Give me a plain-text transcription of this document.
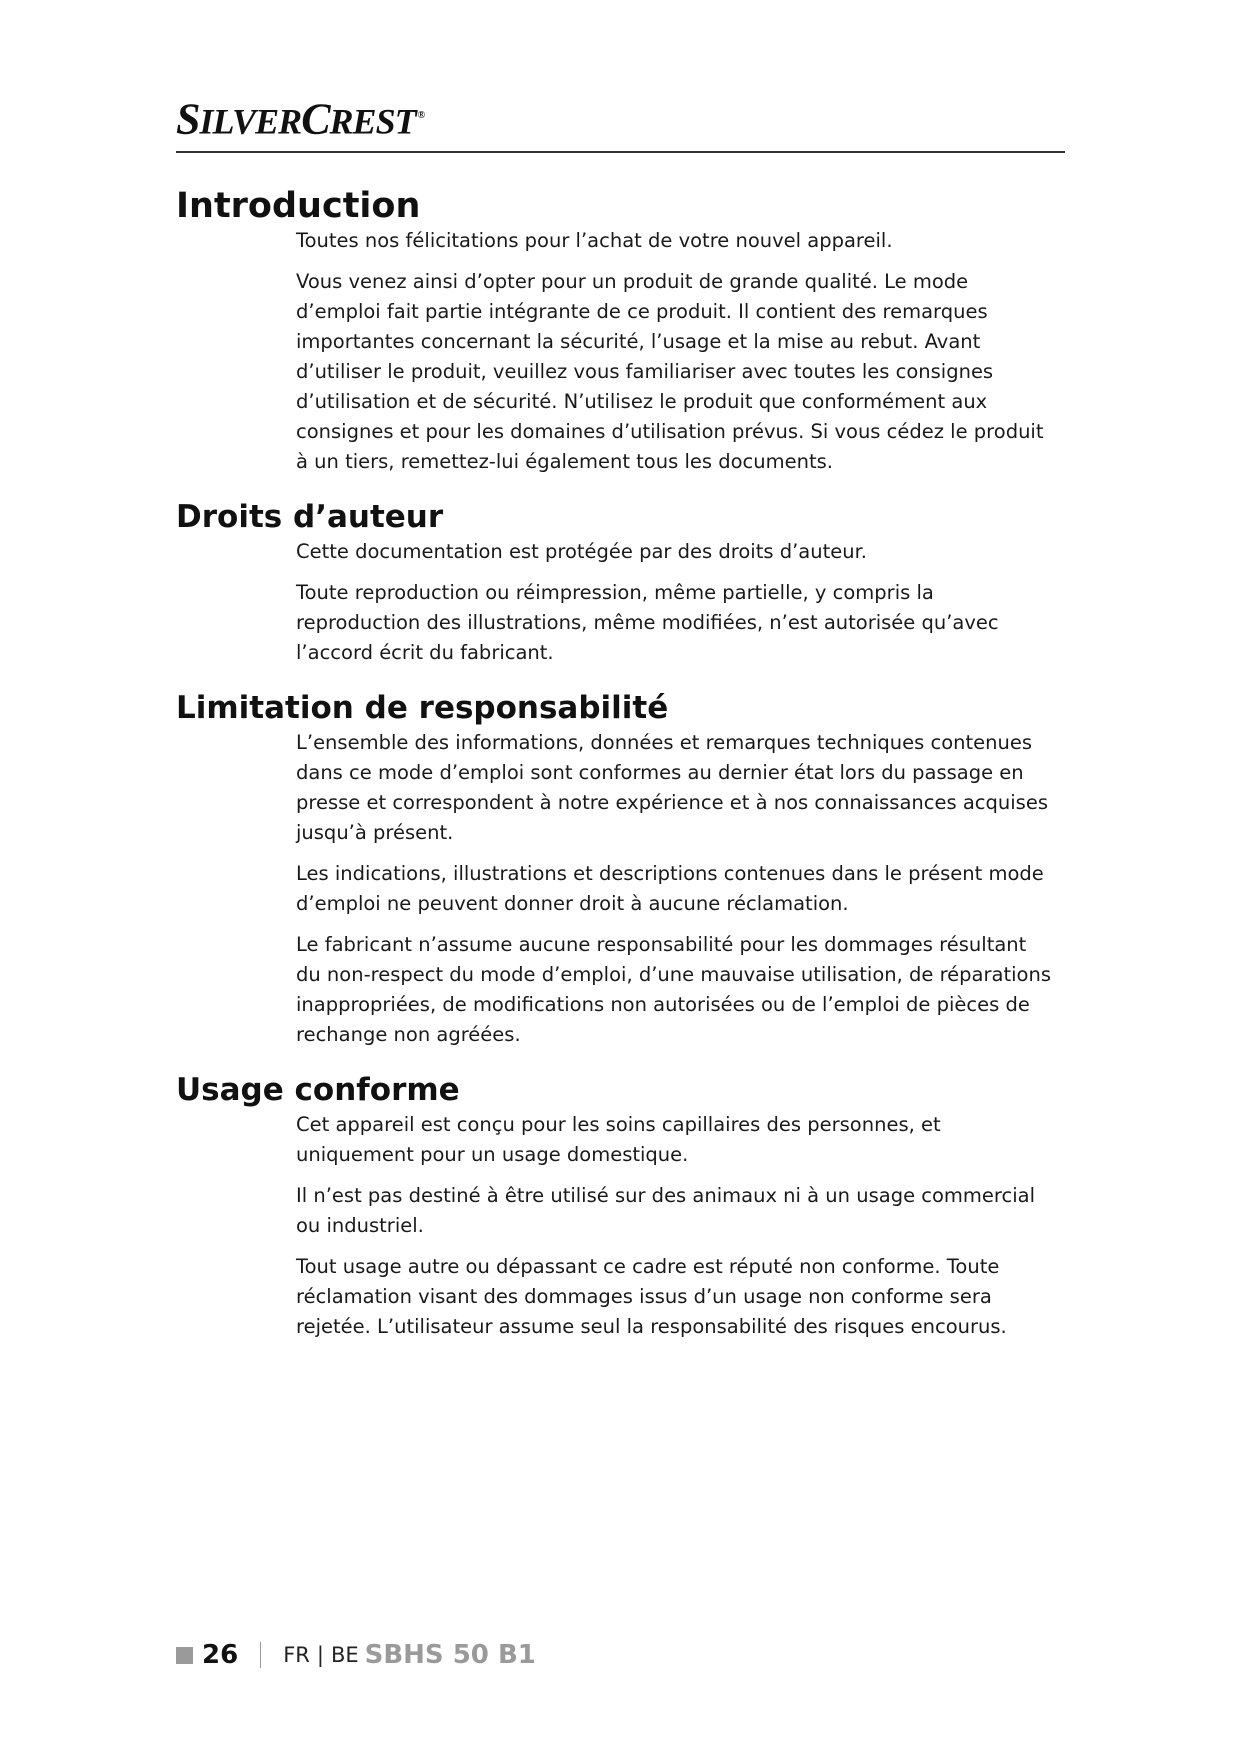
SILVERCREST ®
Introduction

Toutes nos félicitations pour l’achat de votre nouvel appareil.

Vous venez ainsi d’opter pour un produit de grande qualité. Le mode d’emploi fait partie intégrante de ce produit. Il contient des remarques importantes concernant la sécurité, l’usage et la mise au rebut. Avant d’utiliser le produit, veuillez vous familiariser avec toutes les consignes d’utilisation et de sécurité. N’utilisez le produit que conformément aux consignes et pour les domaines d’utilisation prévus. Si vous cédez le produit à un tiers, remettez-lui également tous les documents.

Droits d’auteur

Cette documentation est protégée par des droits d’auteur.

Toute reproduction ou réimpression, même partielle, y compris la reproduction des illustrations, même modifiées, n’est autorisée qu’avec l’accord écrit du fabricant.

Limitation de responsabilité

L’ensemble des informations, données et remarques techniques contenues dans ce mode d’emploi sont conformes au dernier état lors du passage en presse et correspondent à notre expérience et à nos connaissances acquises jusqu’à présent.

Les indications, illustrations et descriptions contenues dans le présent mode d’emploi ne peuvent donner droit à aucune réclamation.

Le fabricant n’assume aucune responsabilité pour les dommages résultant du non-respect du mode d’emploi, d’une mauvaise utilisation, de réparations inappropriées, de modifications non autorisées ou de l’emploi de pièces de rechange non agréées.

Usage conforme

Cet appareil est conçu pour les soins capillaires des personnes, et uniquement pour un usage domestique.

Il n’est pas destiné à être utilisé sur des animaux ni à un usage commercial ou industriel.

Tout usage autre ou dépassant ce cadre est réputé non conforme. Toute réclamation visant des dommages issus d’un usage non conforme sera rejetée. L’utilisateur assume seul la responsabilité des risques encourus.

26 FR | BE SBHS 50 B1
